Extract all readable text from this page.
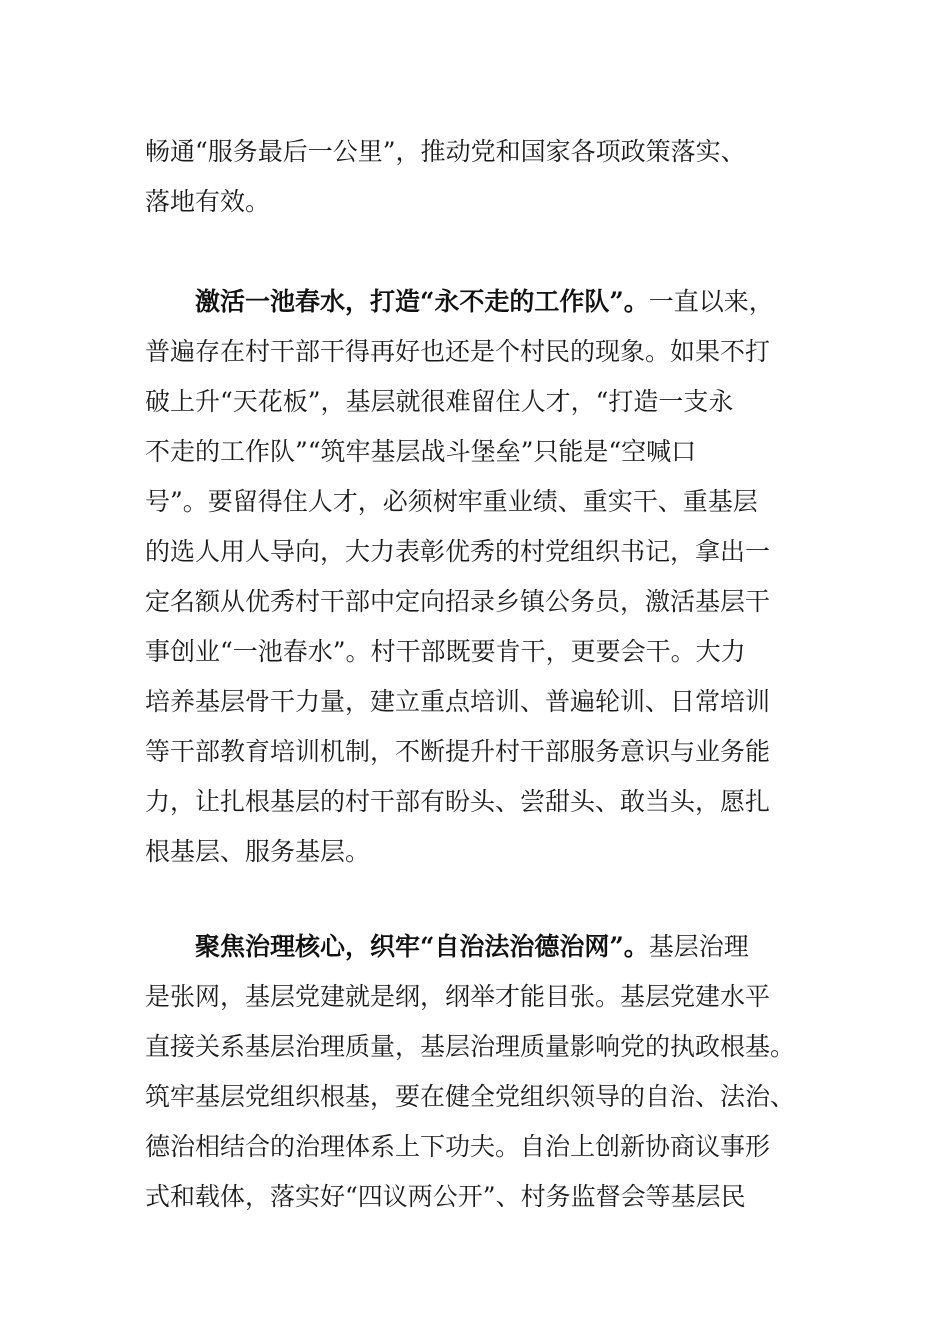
畅通“服务最后一公里”，推动党和国家各项政策落实、
落地有效。
激活一池春水，打造“永不走的工作队”。一直以来，
普遍存在村干部干得再好也还是个村民的现象。如果不打
破上升“天花板”，基层就很难留住人才，“打造一支永
不走的工作队”“筑牢基层战斗堡垒”只能是“空喊口
号”。要留得住人才，必须树牢重业绩、重实干、重基层
的选人用人导向，大力表彰优秀的村党组织书记，拿出一
定名额从优秀村干部中定向招录乡镇公务员，激活基层干
事创业“一池春水”。村干部既要肯干，更要会干。大力
培养基层骨干力量，建立重点培训、普遍轮训、日常培训
等干部教育培训机制，不断提升村干部服务意识与业务能
力，让扎根基层的村干部有盼头、尝甜头、敢当头，愿扎
根基层、服务基层。
聚焦治理核心，织牢“自治法治德治网”。基层治理
是张网，基层党建就是纲，纲举才能目张。基层党建水平
直接关系基层治理质量，基层治理质量影响党的执政根基。
筑牢基层党组织根基，要在健全党组织领导的自治、法治、
德治相结合的治理体系上下功夫。自治上创新协商议事形
式和载体，落实好“四议两公开”、村务监督会等基层民
